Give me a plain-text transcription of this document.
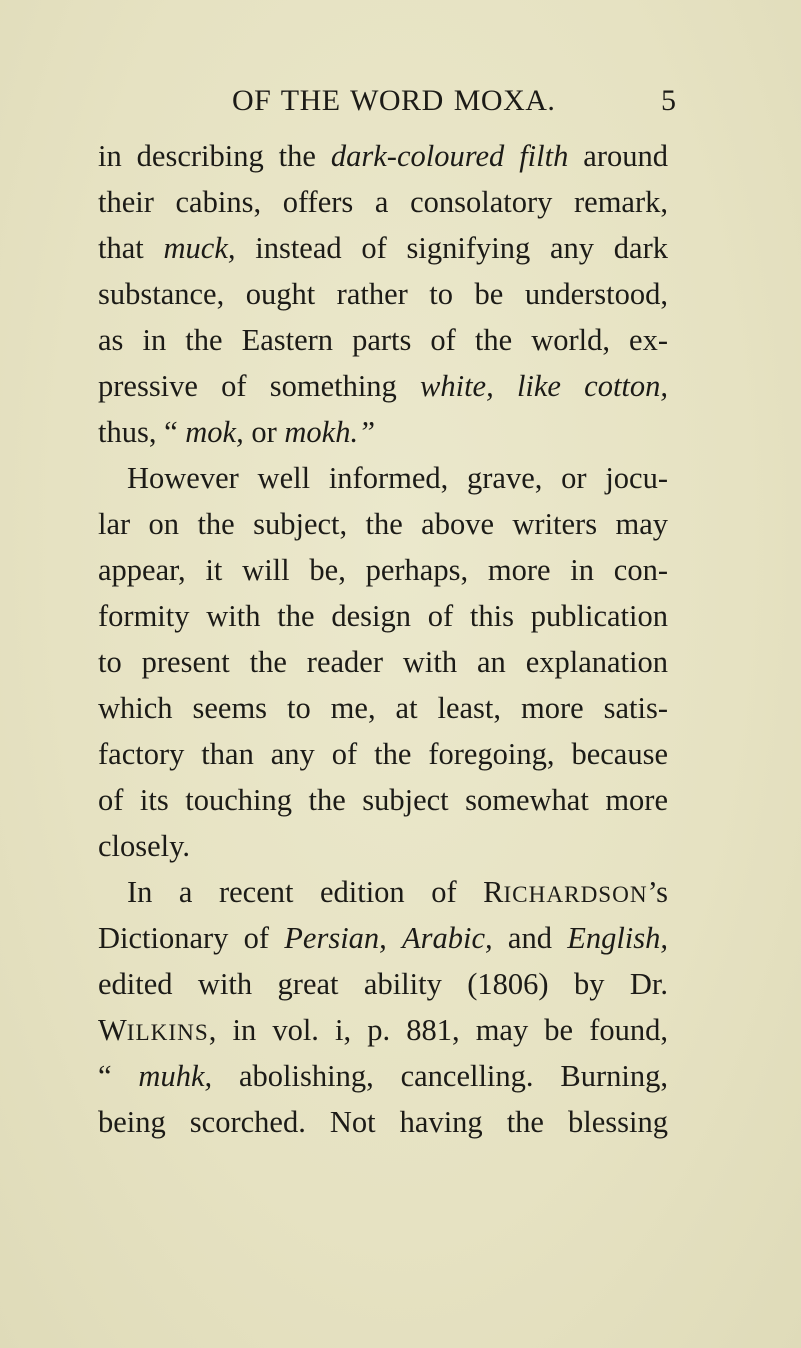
OF THE WORD MOXA.	5
in describing the dark-coloured filth around
their cabins, offers a consolatory remark,
that muck, instead of signifying any dark
substance, ought rather to be understood,
as in the Eastern parts of the world, ex-
pressive of something white, like cotton,
thus, “ mok, or mokh.”
However well informed, grave, or jocu-
lar on the subject, the above writers may
appear, it will be, perhaps, more in con-
formity with the design of this publication
to present the reader with an explanation
which seems to me, at least, more satis-
factory than any of the foregoing, because
of its touching the subject somewhat more
closely.
In a recent edition of RICHARDSON’s
Dictionary of Persian, Arabic, and English,
edited with great ability (1806) by Dr.
WILKINS, in vol. i, p. 881, may be found,
“ muhk, abolishing, cancelling. Burning,
being scorched. Not having the blessing
